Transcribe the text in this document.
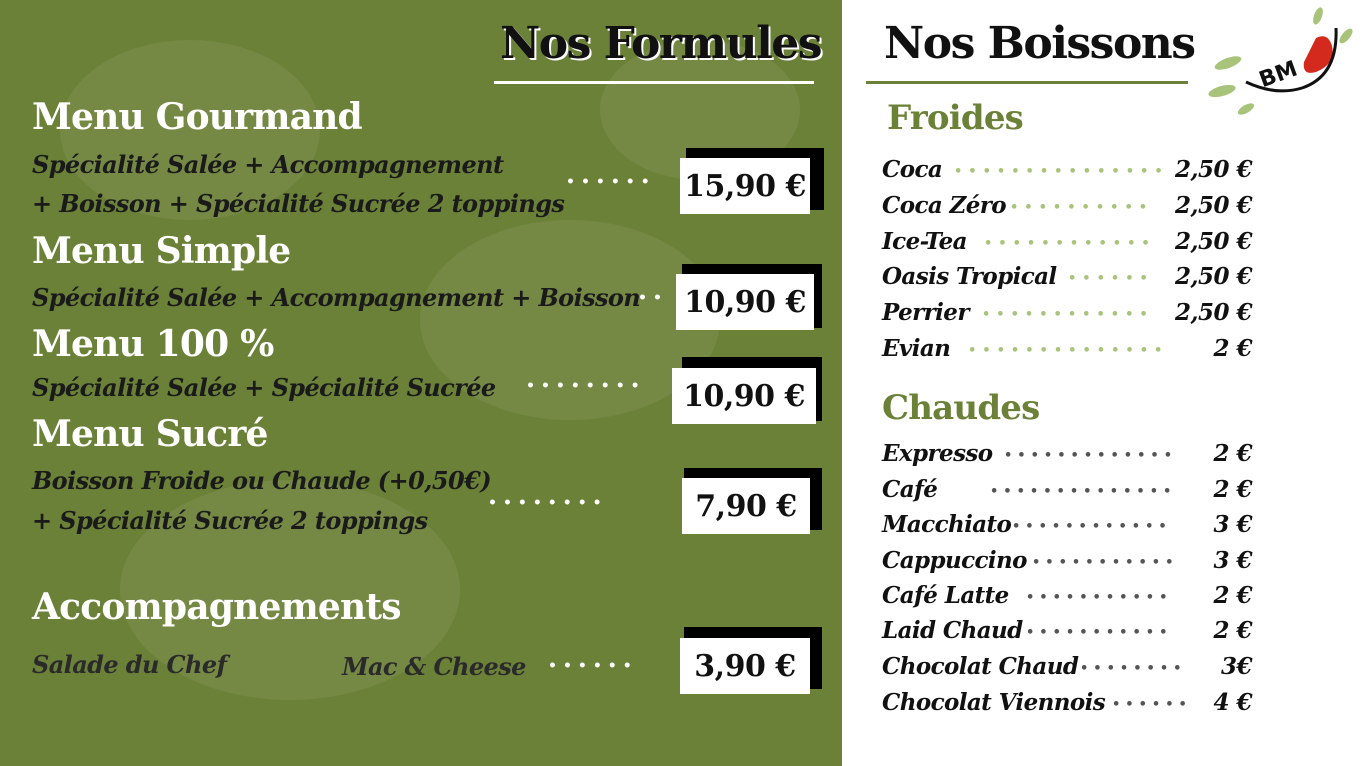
Nos Formules
Menu Gourmand
Spécialité Salée + Accompagnement
+ Boisson + Spécialité Sucrée 2 toppings
•••••• 15,90 €
Menu Simple
Spécialité Salée + Accompagnement + Boisson
•• 10,90 €
Menu 100 %
Spécialité Salée + Spécialité Sucrée ••••••••	10,90 €
Menu Sucré
Boisson Froide ou Chaude (+0,50€)
+ Spécialité Sucrée 2 toppings
••••••••	7,90 €
Accompagnements
Salade du Chef	Mac & Cheese ••••••	3,90 €
Nos Boissons
BM
Froides
Coca ••••••••••••••• 2,50 €
Coca Zéro •••••••••• 2,50 €
Ice-Tea •••••••••••• 2,50 €
Oasis Tropical •••••• 2,50 €
Perrier •••••••••••• 2,50 €
Evian ••••••••••••••	2 €
Chaudes
Expresso •••••••••••••	2 €
Café	••••••••••••••	2 €
Macchiato ••••••••••••	3 €
Cappuccino •••••••••••	3 €
Café Latte •••••••••••	2 €
Laid Chaud •••••••••••	2 €
Chocolat Chaud ••••••••	3€
Chocolat Viennois •••••• 4 €
